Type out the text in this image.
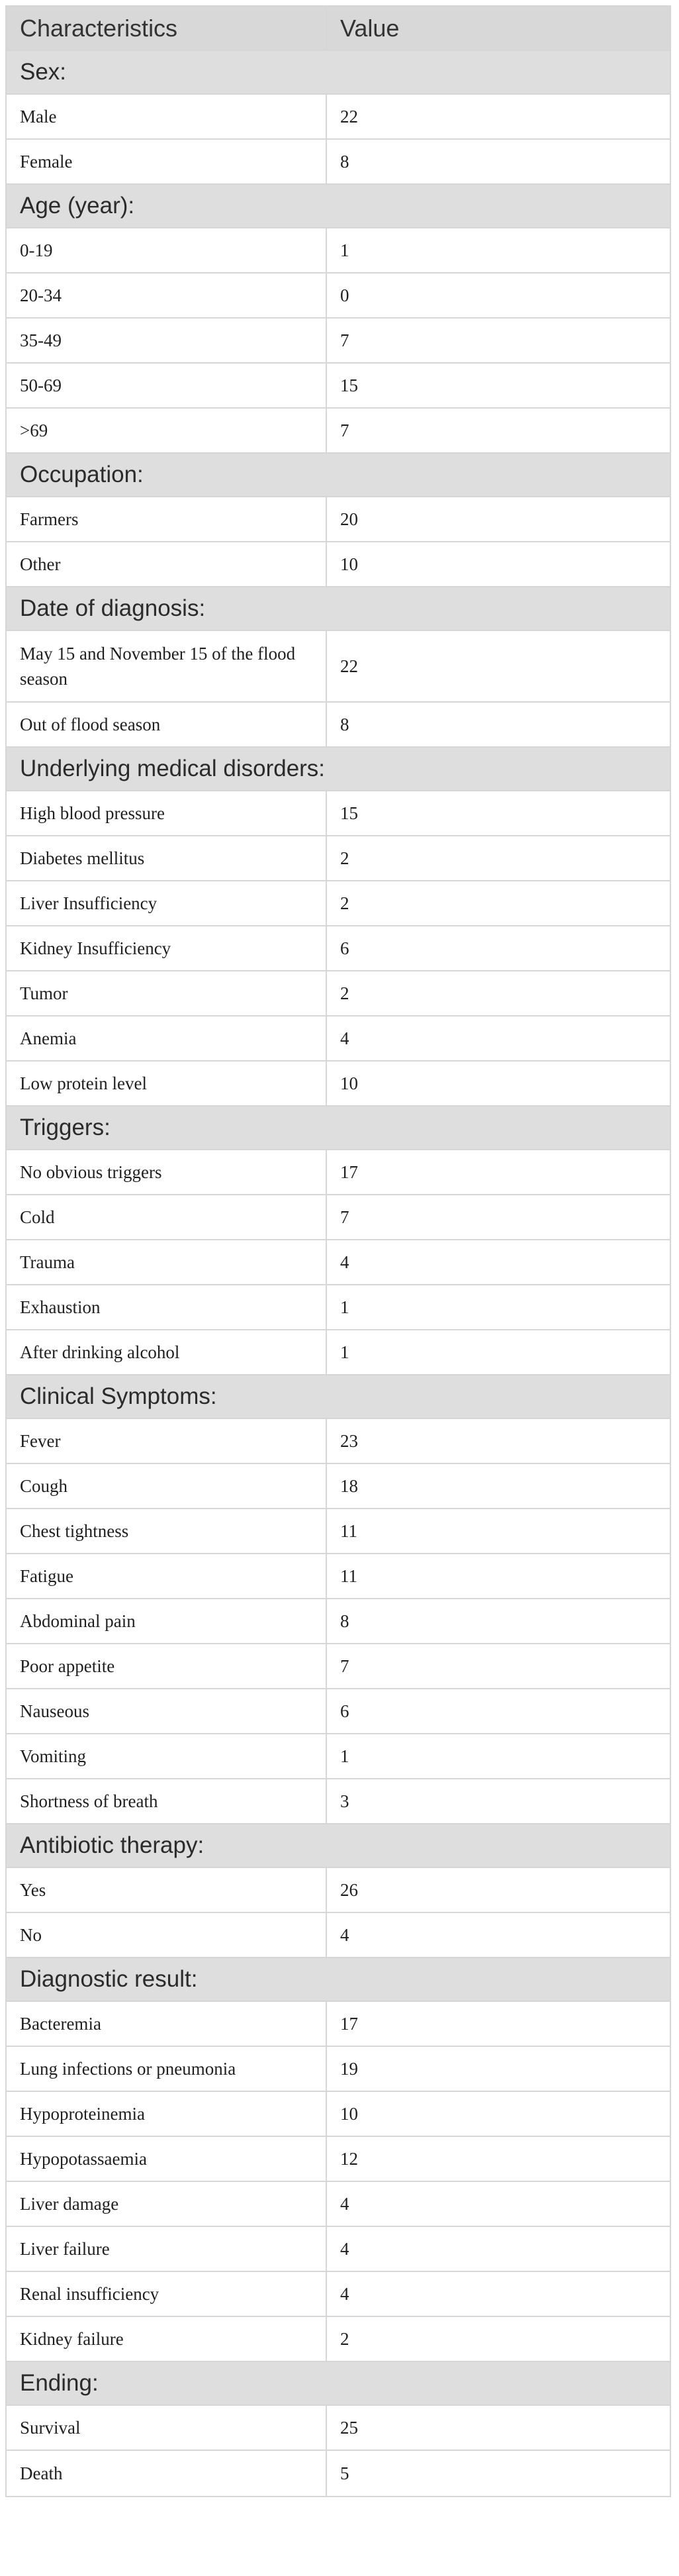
Characteristics	Value
Sex:	
Male	22
Female	8
Age (year):	
0-19	1
20-34	0
35-49	7
50-69	15
>69	7
Occupation:	
Farmers	20
Other	10
Date of diagnosis:	
May 15 and November 15 of the flood season	22
Out of flood season	8
Underlying medical disorders:	
High blood pressure	15
Diabetes mellitus	2
Liver Insufficiency	2
Kidney Insufficiency	6
Tumor	2
Anemia	4
Low protein level	10
Triggers:	
No obvious triggers	17
Cold	7
Trauma	4
Exhaustion	1
After drinking alcohol	1
Clinical Symptoms:	
Fever	23
Cough	18
Chest tightness	11
Fatigue	11
Abdominal pain	8
Poor appetite	7
Nauseous	6
Vomiting	1
Shortness of breath	3
Antibiotic therapy:	
Yes	26
No	4
Diagnostic result:	
Bacteremia	17
Lung infections or pneumonia	19
Hypoproteinemia	10
Hypopotassaemia	12
Liver damage	4
Liver failure	4
Renal insufficiency	4
Kidney failure	2
Ending:	
Survival	25
Death	5
